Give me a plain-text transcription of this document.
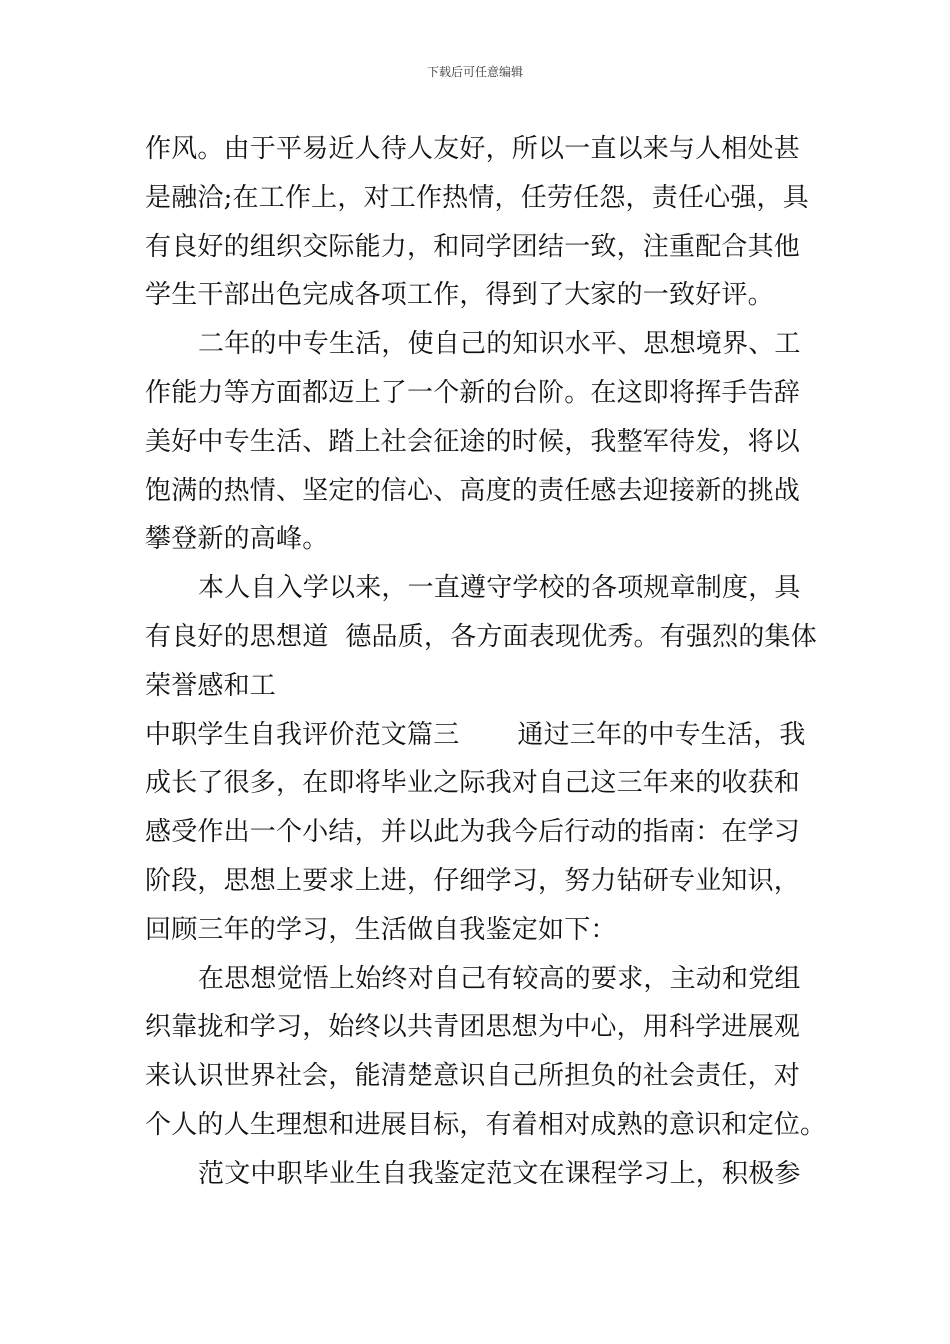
下载后可任意编辑
作风。由于平易近人待人友好，所以一直以来与人相处甚
是融洽;在工作上，对工作热情，任劳任怨，责任心强，具
有良好的组织交际能力，和同学团结一致，注重配合其他
学生干部出色完成各项工作，得到了大家的一致好评。
二年的中专生活，使自己的知识水平、思想境界、工
作能力等方面都迈上了一个新的台阶。在这即将挥手告辞
美好中专生活、踏上社会征途的时候，我整军待发，将以
饱满的热情、坚定的信心、高度的责任感去迎接新的挑战
攀登新的高峰。
本人自入学以来，一直遵守学校的各项规章制度，具
有良好的思想道  德品质，各方面表现优秀。有强烈的集体
荣誉感和工
中职学生自我评价范文篇三 通过三年的中专生活，我
成长了很多，在即将毕业之际我对自己这三年来的收获和
感受作出一个小结，并以此为我今后行动的指南：在学习
阶段，思想上要求上进，仔细学习，努力钻研专业知识，
回顾三年的学习，生活做自我鉴定如下：
在思想觉悟上始终对自己有较高的要求，主动和党组
织靠拢和学习，始终以共青团思想为中心，用科学进展观
来认识世界社会，能清楚意识自己所担负的社会责任，对
个人的人生理想和进展目标，有着相对成熟的意识和定位。
范文中职毕业生自我鉴定范文在课程学习上，积极参
